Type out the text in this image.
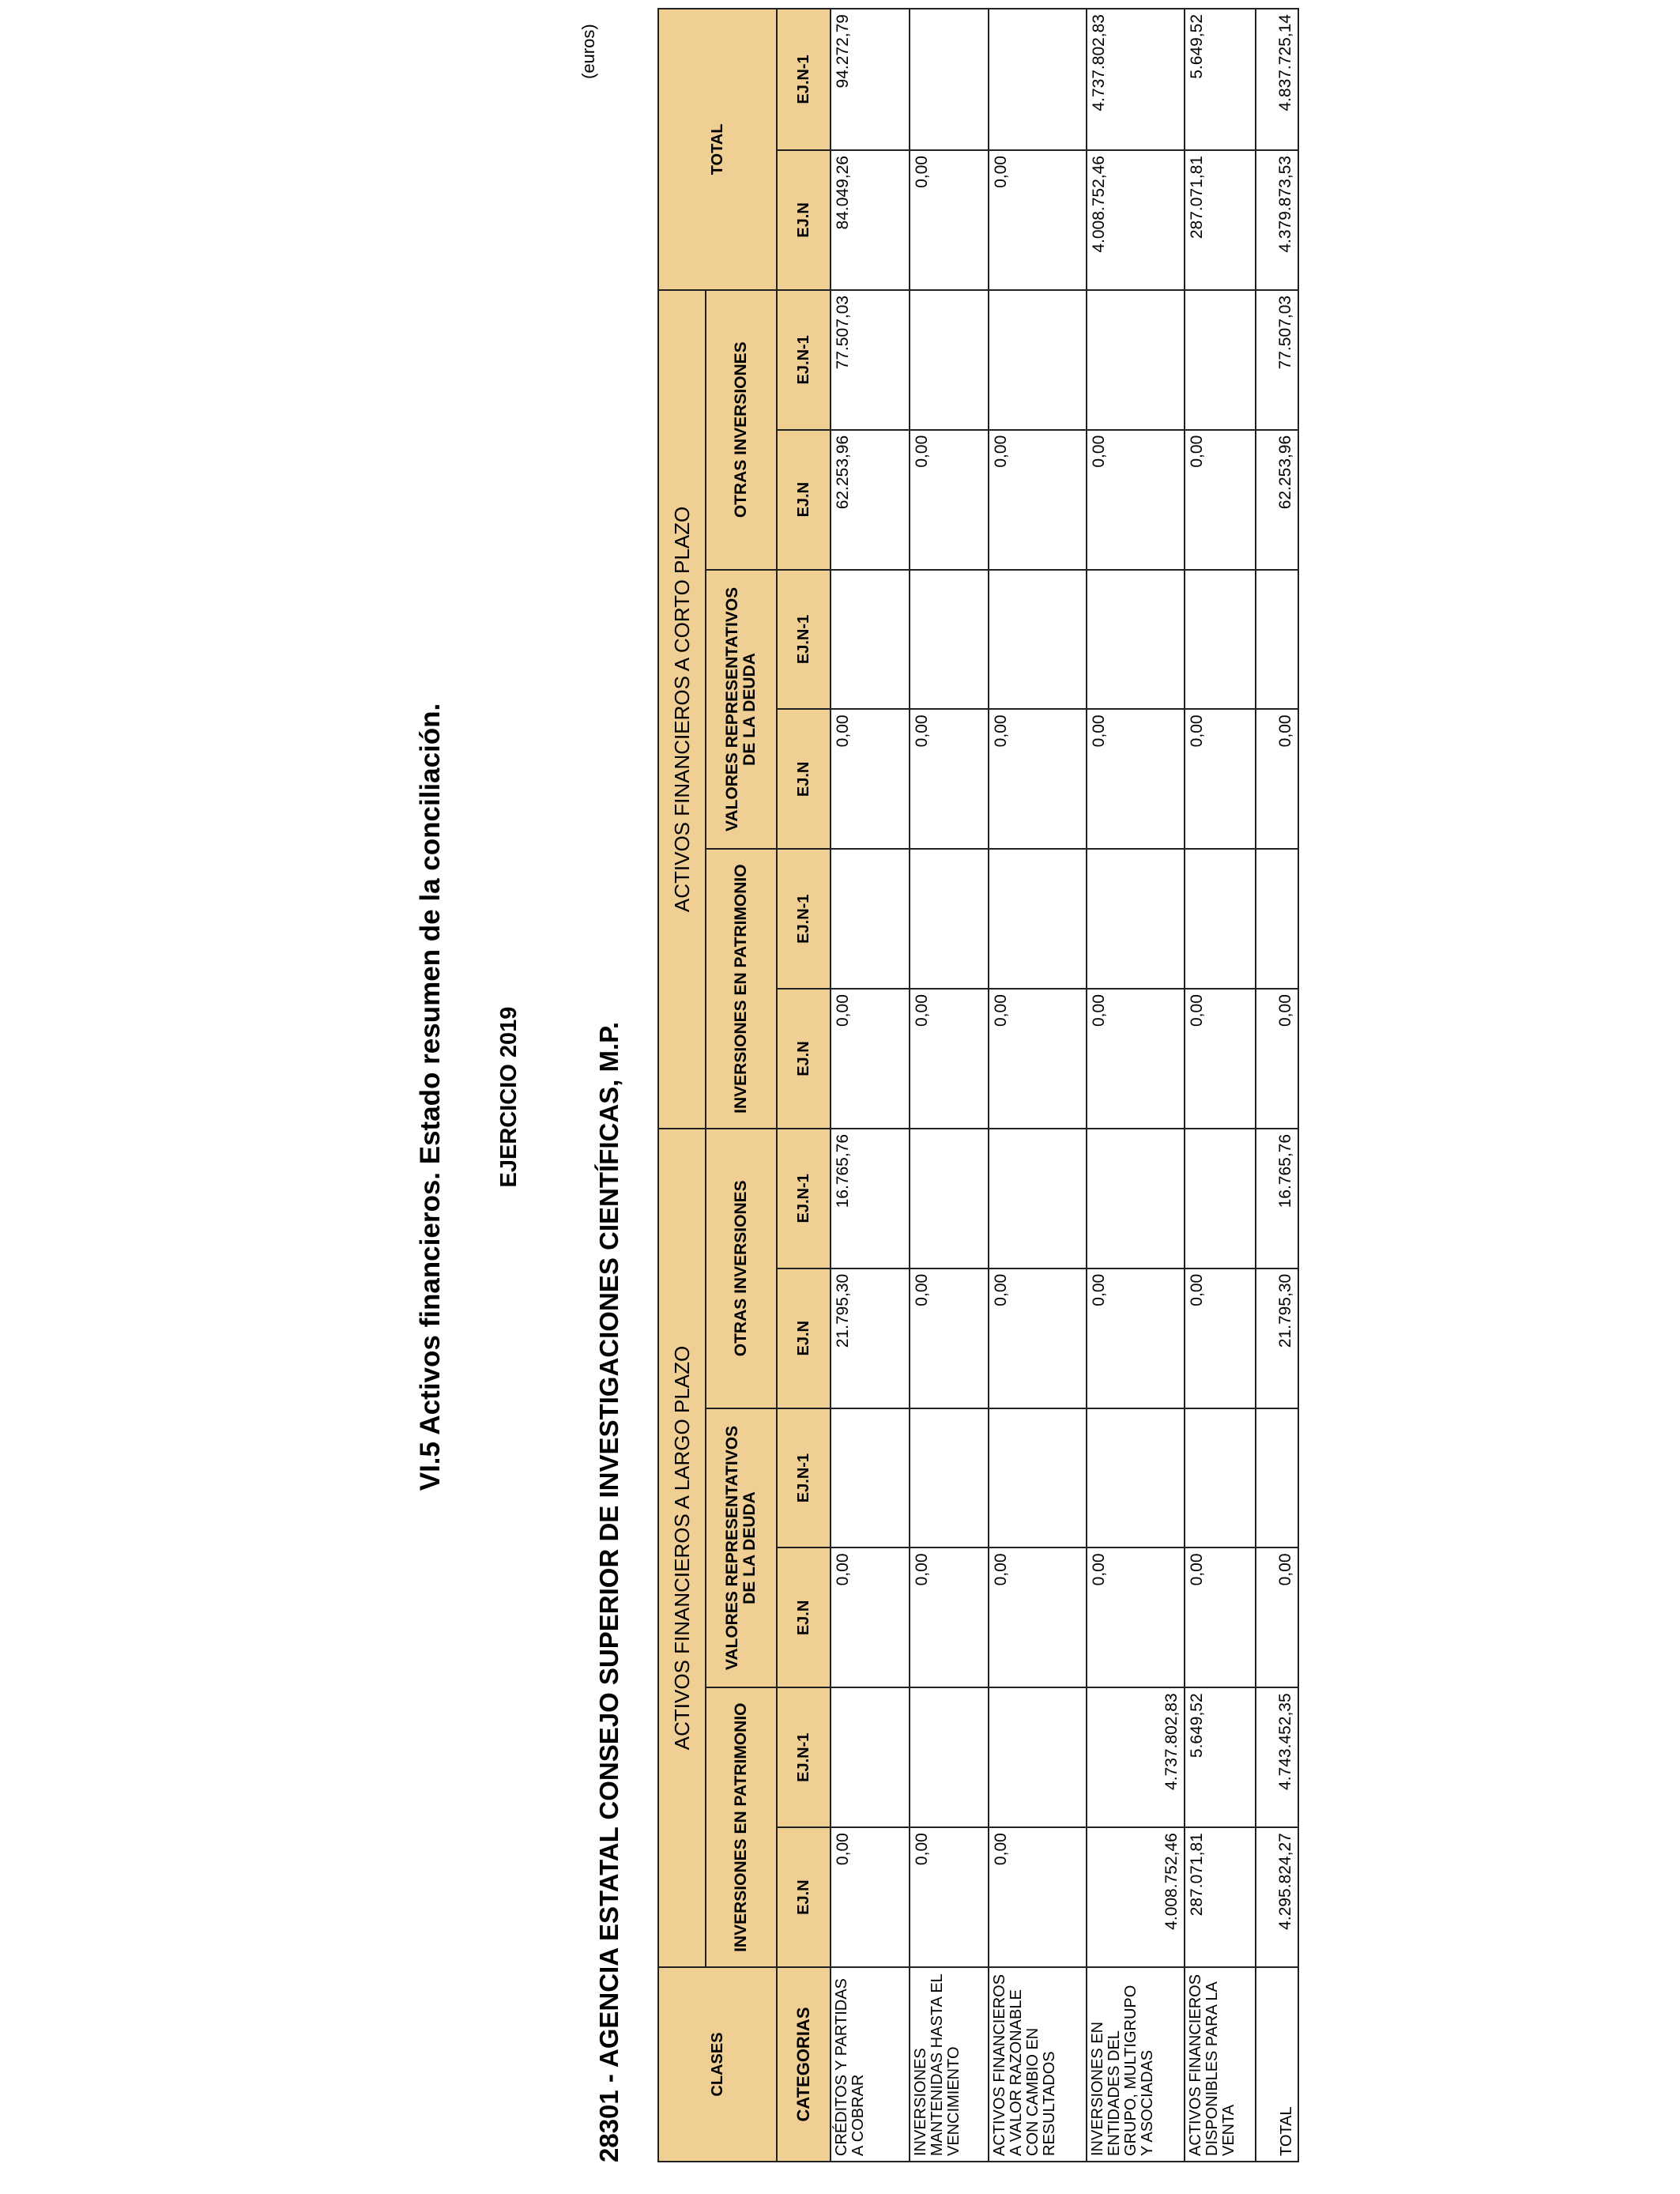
VI.5 Activos financieros. Estado resumen de la conciliación. EJERCICIO 2019	28301 - AGENCIA ESTATAL CONSEJO SUPERIOR DE INVESTIGACIONES CIENTÍFICAS, M.P.
(euros)
CLASES	ACTIVOS FINANCIEROS A LARGO PLAZO						ACTIVOS FINANCIEROS A CORTO PLAZO						TOTAL	
	INVERSIONES EN PATRIMONIO		VALORES REPRESENTATIVOS DE LA DEUDA		OTRAS INVERSIONES		INVERSIONES EN PATRIMONIO		VALORES REPRESENTATIVOS DE LA DEUDA		OTRAS INVERSIONES			
CATEGORIAS	EJ.N	EJ.N-1	EJ.N	EJ.N-1	EJ.N	EJ.N-1	EJ.N	EJ.N-1	EJ.N	EJ.N-1	EJ.N	EJ.N-1	EJ.N	EJ.N-1
CRÉDITOS Y PARTIDAS A COBRAR	0,00		0,00		21.795,30	16.765,76	0,00		0,00		62.253,96	77.507,03	84.049,26	94.272,79
INVERSIONES MANTENIDAS HASTA EL VENCIMIENTO	0,00		0,00		0,00		0,00		0,00		0,00		0,00	
ACTIVOS FINANCIEROS A VALOR RAZONABLE CON CAMBIO EN RESULTADOS	0,00		0,00		0,00		0,00		0,00		0,00		0,00	
INVERSIONES EN ENTIDADES DEL GRUPO, MULTIGRUPO Y ASOCIADAS	4.008.752,46	4.737.802,83	0,00		0,00		0,00		0,00		0,00		4.008.752,46	4.737.802,83
ACTIVOS FINANCIEROS DISPONIBLES PARA LA VENTA	287.071,81	5.649,52	0,00		0,00		0,00		0,00		0,00		287.071,81	5.649,52
TOTAL	4.295.824,27	4.743.452,35	0,00		21.795,30	16.765,76	0,00		0,00		62.253,96	77.507,03	4.379.873,53	4.837.725,14
